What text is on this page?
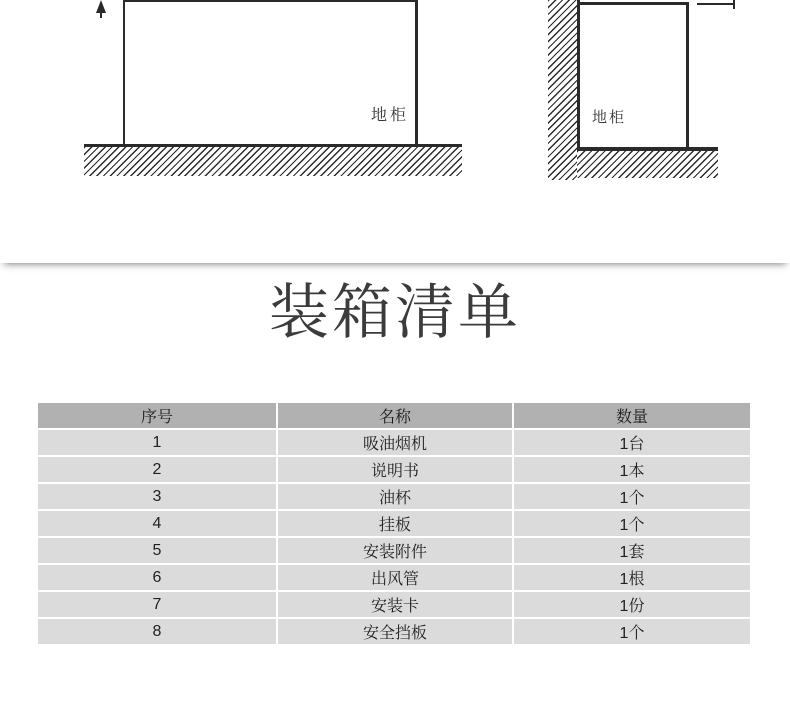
地柜	地柜
装箱清单
序号	名称	数量
1	吸油烟机	1台
2	说明书	1本
3	油杯	1个
4	挂板	1个
5	安装附件	1套
6	出风管	1根
7	安装卡	1份
8	安全挡板	1个
